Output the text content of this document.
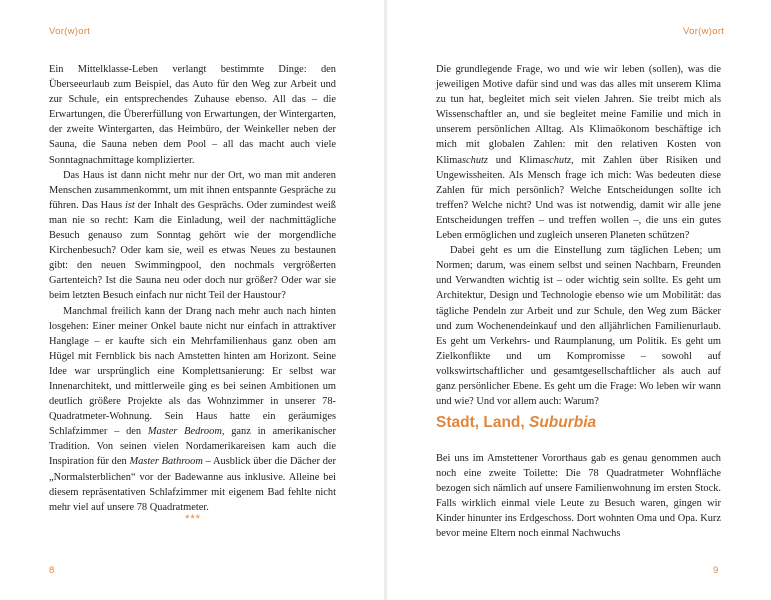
Vor(w)ort

Ein Mittelklasse-Leben verlangt bestimmte Dinge: den Überseeurlaub zum Beispiel, das Auto für den Weg zur Arbeit und zur Schule, ein entsprechendes Zuhause ebenso. All das – die Erwartungen, die Übererfüllung von Erwartungen, der Wintergarten, der zweite Wintergarten, das Heimbüro, der Weinkeller neben der Sauna, die Sauna neben dem Pool – all das macht auch viele Sonntagnachmittage komplizierter.

Das Haus ist dann nicht mehr nur der Ort, wo man mit anderen Menschen zusammenkommt, um mit ihnen entspannte Gespräche zu führen. Das Haus ist der Inhalt des Gesprächs. Oder zumindest weiß man nie so recht: Kam die Einladung, weil der nachmittägliche Besuch genauso zum Sonntag gehört wie der morgendliche Kirchenbesuch? Oder kam sie, weil es etwas Neues zu bestaunen gibt: den neuen Swimmingpool, den nochmals vergrößerten Gartenteich? Ist die Sauna neu oder doch nur größer? Oder war sie beim letzten Besuch einfach nur nicht Teil der Haustour?

Manchmal freilich kann der Drang nach mehr auch nach hinten losgehen: Einer meiner Onkel baute nicht nur einfach in attraktiver Hanglage – er kaufte sich ein Mehrfamilienhaus ganz oben am Hügel mit Fernblick bis nach Amstetten hinten am Horizont. Seine Idee war ursprünglich eine Komplettsanierung: Er selbst war Innenarchitekt, und mittlerweile ging es bei seinen Ambitionen um deutlich größere Projekte als das Wohnzimmer in unserer 78-Quadratmeter-Wohnung. Sein Haus hatte ein geräumiges Schlafzimmer – den Master Bedroom, ganz in amerikanischer Tradition. Von seinen vielen Nordamerikareisen kam auch die Inspiration für den Master Bathroom – Ausblick über die Dächer der „Normalsterblichen“ vor der Badewanne aus inklusive. Alleine bei diesem repräsentativen Schlafzimmer mit eigenem Bad fehlte nicht mehr viel auf unsere 78 Quadratmeter.

***
8
Vor(w)ort

Die grundlegende Frage, wo und wie wir leben (sollen), was die jeweiligen Motive dafür sind und was das alles mit unserem Klima zu tun hat, begleitet mich seit vielen Jahren. Sie treibt mich als Wissenschaftler an, und sie begleitet meine Familie und mich in unserem persönlichen Alltag. Als Klimaökonom beschäftige ich mich mit globalen Zahlen: mit den relativen Kosten von Klimaschutz und Klimaschutz, mit Zahlen über Risiken und Ungewissheiten. Als Mensch frage ich mich: Was bedeuten diese Zahlen für mich persönlich? Welche Entscheidungen sollte ich treffen? Welche nicht? Und was ist notwendig, damit wir alle jene Entscheidungen treffen – und treffen wollen –, die uns ein gutes Leben ermöglichen und zugleich unseren Planeten schützen?

Dabei geht es um die Einstellung zum täglichen Leben; um Normen; darum, was einem selbst und seinen Nachbarn, Freunden und Verwandten wichtig ist – oder wichtig sein sollte. Es geht um Architektur, Design und Technologie ebenso wie um Mobilität: das tägliche Pendeln zur Arbeit und zur Schule, den Weg zum Bäcker und zum Wochenendeinkauf und den alljährlichen Familienurlaub. Es geht um Verkehrs- und Raumplanung, um Politik. Es geht um Zielkonflikte und um Kompromisse – sowohl auf volkswirtschaftlicher und gesamtgesellschaftlicher als auch auf ganz persönlicher Ebene. Es geht um die Frage: Wo leben wir wann und wie? Und vor allem auch: Warum?

Stadt, Land, Suburbia

Bei uns im Amstettener Vororthaus gab es genau genommen auch noch eine zweite Toilette: Die 78 Quadratmeter Wohnfläche bezogen sich nämlich auf unsere Familienwohnung im ersten Stock. Falls wirklich einmal viele Leute zu Besuch waren, gingen wir Kinder hinunter ins Erdgeschoss. Dort wohnten Oma und Opa. Kurz bevor meine Eltern noch einmal Nachwuchs

9
